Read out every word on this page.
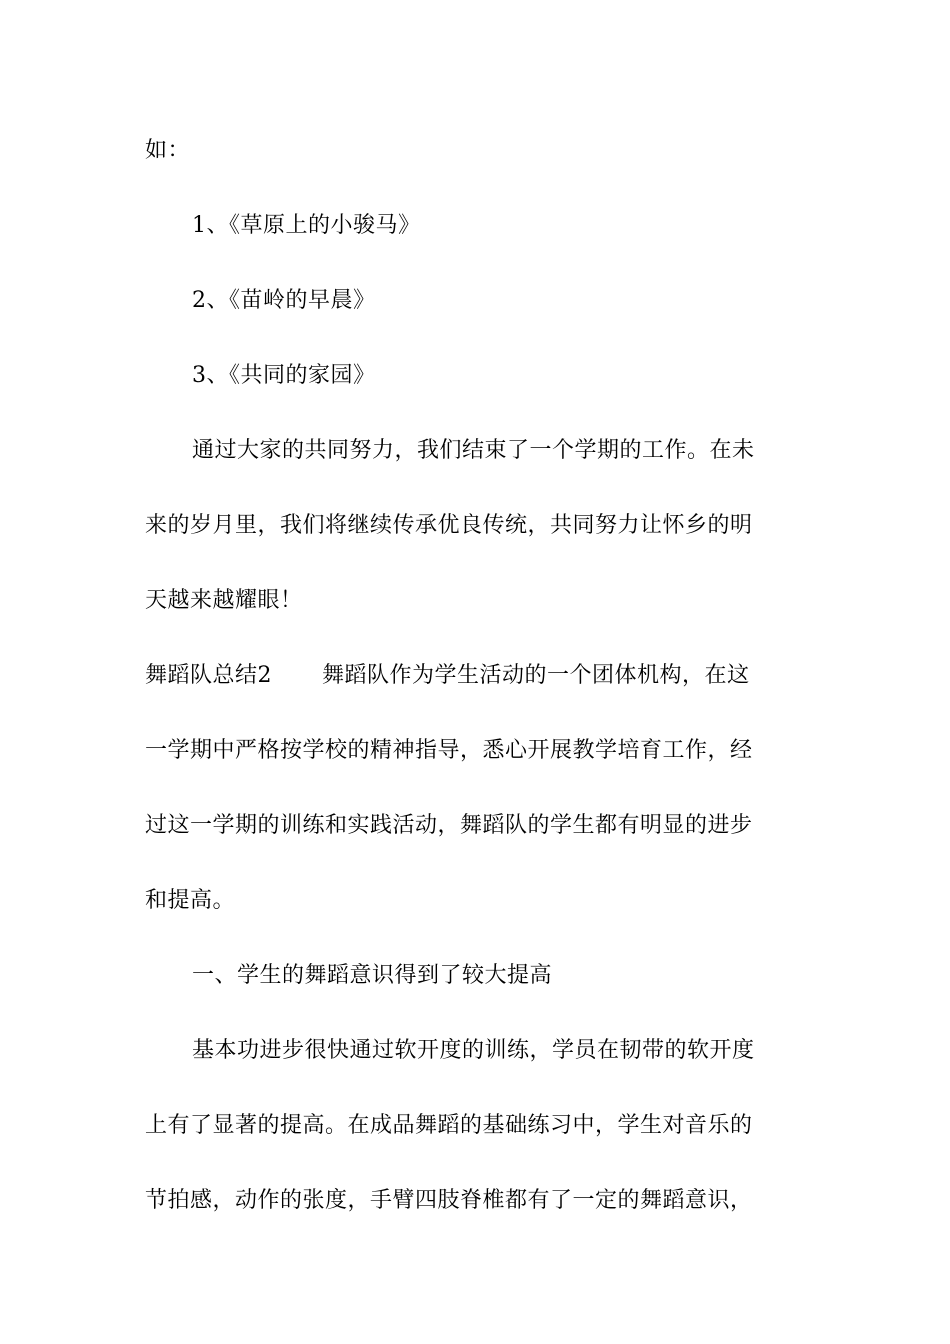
如：
1、《草原上的小骏马》
2、《苗岭的早晨》
3、《共同的家园》
通过大家的共同努力，我们结束了一个学期的工作。在未
来的岁月里，我们将继续传承优良传统，共同努力让怀乡的明
天越来越耀眼！
舞蹈队总结2 舞蹈队作为学生活动的一个团体机构，在这
一学期中严格按学校的精神指导，悉心开展教学培育工作，经
过这一学期的训练和实践活动，舞蹈队的学生都有明显的进步
和提高。
一、学生的舞蹈意识得到了较大提高
基本功进步很快通过软开度的训练，学员在韧带的软开度
上有了显著的提高。在成品舞蹈的基础练习中，学生对音乐的
节拍感，动作的张度，手臂四肢脊椎都有了一定的舞蹈意识，
